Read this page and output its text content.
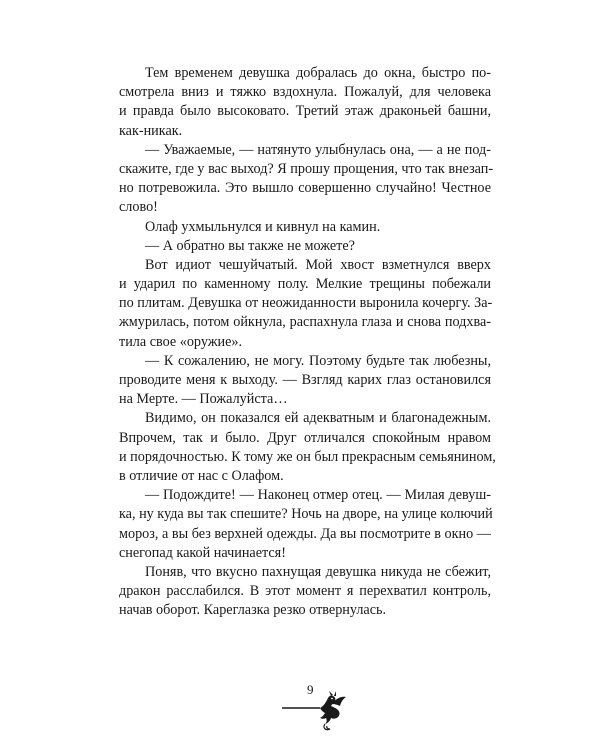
Тем временем девушка добралась до окна, быстро по-
смотрела вниз и тяжко вздохнула. Пожалуй, для человека
и правда было высоковато. Третий этаж драконьей башни,
как-никак.
— Уважаемые, — натянуто улыбнулась она, — а не под-
скажите, где у вас выход? Я прошу прощения, что так внезап-
но потревожила. Это вышло совершенно случайно! Честное
слово!
Олаф ухмыльнулся и кивнул на камин.
— А обратно вы также не можете?
Вот идиот чешуйчатый. Мой хвост взметнулся вверх
и ударил по каменному полу. Мелкие трещины побежали
по плитам. Девушка от неожиданности выронила кочергу. За-
жмурилась, потом ойкнула, распахнула глаза и снова подхва-
тила свое «оружие».
— К сожалению, не могу. Поэтому будьте так любезны,
проводите меня к выходу. — Взгляд карих глаз остановился
на Мерте. — Пожалуйста…
Видимо, он показался ей адекватным и благонадежным.
Впрочем, так и было. Друг отличался спокойным нравом
и порядочностью. К тому же он был прекрасным семьянином,
в отличие от нас с Олафом.
— Подождите! — Наконец отмер отец. — Милая девуш-
ка, ну куда вы так спешите? Ночь на дворе, на улице колючий
мороз, а вы без верхней одежды. Да вы посмотрите в окно —
снегопад какой начинается!
Поняв, что вкусно пахнущая девушка никуда не сбежит,
дракон расслабился. В этот момент я перехватил контроль,
начав оборот. Кареглазка резко отвернулась.
9
